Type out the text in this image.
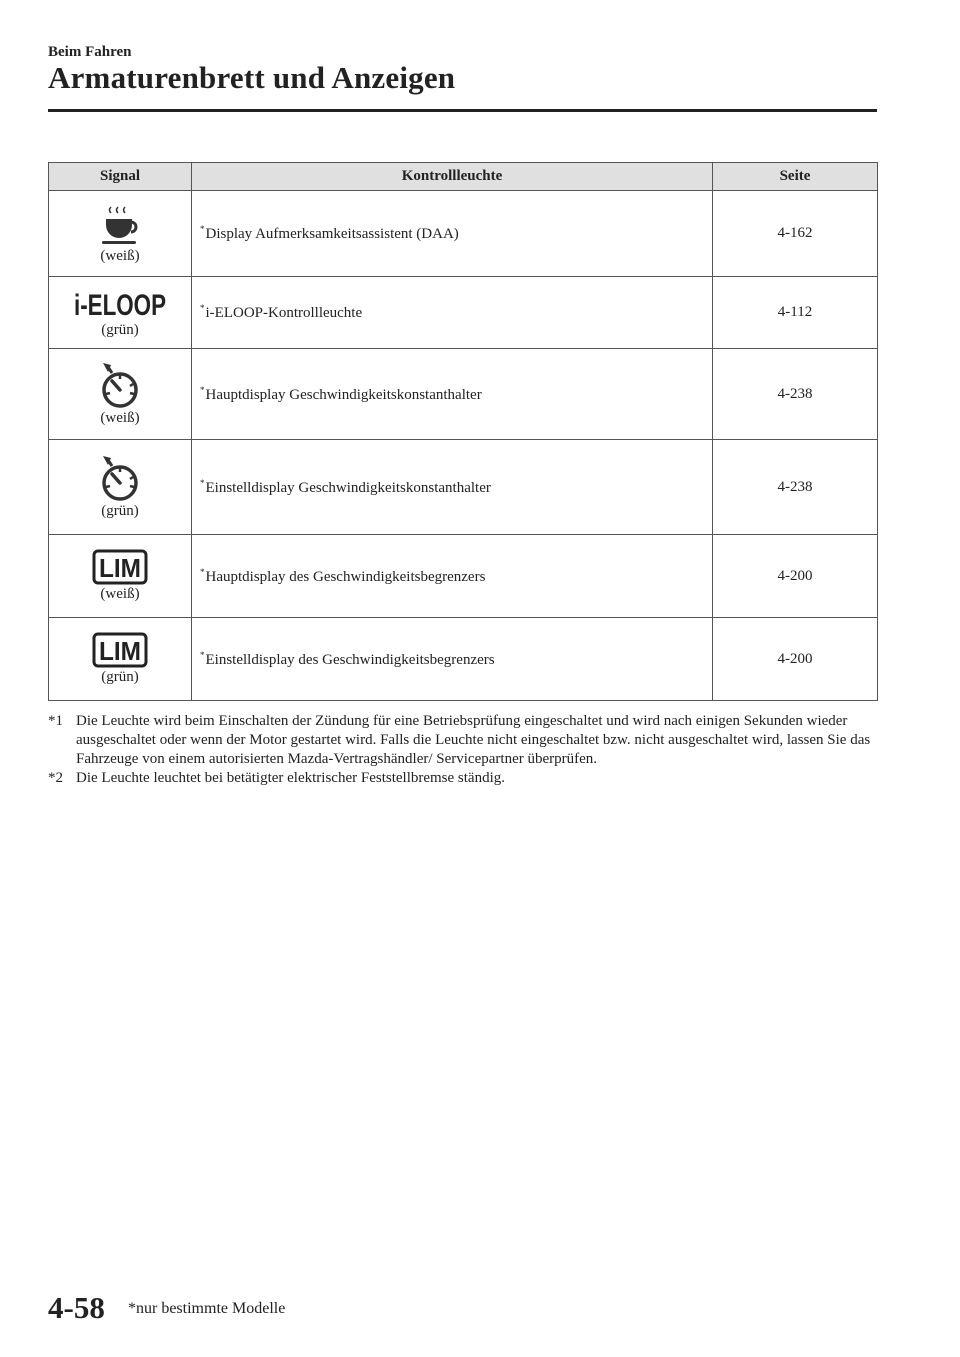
Beim Fahren
Armaturenbrett und Anzeigen
Signal	Kontrollleuchte	Seite

(weiß)	*Display Aufmerksamkeitsassistent (DAA)	4-162

i-ELOOP
(grün)	*i-ELOOP-Kontrollleuchte	4-112

(weiß)	*Hauptdisplay Geschwindigkeitskonstanthalter	4-238

(grün)	*Einstelldisplay Geschwindigkeitskonstanthalter	4-238

LIM
(weiß)	*Hauptdisplay des Geschwindigkeitsbegrenzers	4-200

LIM
(grün)	*Einstelldisplay des Geschwindigkeitsbegrenzers	4-200
*1 Die Leuchte wird beim Einschalten der Zündung für eine Betriebsprüfung eingeschaltet und wird nach einigen Sekunden wieder ausgeschaltet oder wenn der Motor gestartet wird. Falls die Leuchte nicht eingeschaltet bzw. nicht ausgeschaltet wird, lassen Sie das Fahrzeuge von einem autorisierten Mazda-Vertragshändler/ Servicepartner überprüfen.
*2 Die Leuchte leuchtet bei betätigter elektrischer Feststellbremse ständig.
4-58 *nur bestimmte Modelle
